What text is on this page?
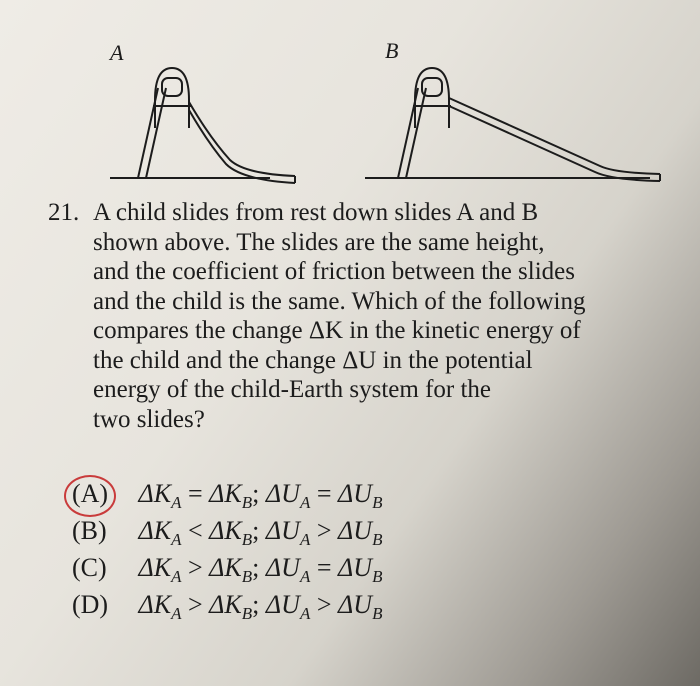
A	B
21. A child slides from rest down slides A and B
shown above. The slides are the same height,
and the coefficient of friction between the slides
and the child is the same. Which of the following
compares the change ΔK in the kinetic energy of
the child and the change ΔU in the potential
energy of the child-Earth system for the
two slides?
(A) $\Delta K_A = \Delta K_B$; $\Delta U_A = \Delta U_B$
(B) $\Delta K_A < \Delta K_B$; $\Delta U_A > \Delta U_B$
(C) $\Delta K_A > \Delta K_B$; $\Delta U_A = \Delta U_B$
(D) $\Delta K_A > \Delta K_B$; $\Delta U_A > \Delta U_B$
